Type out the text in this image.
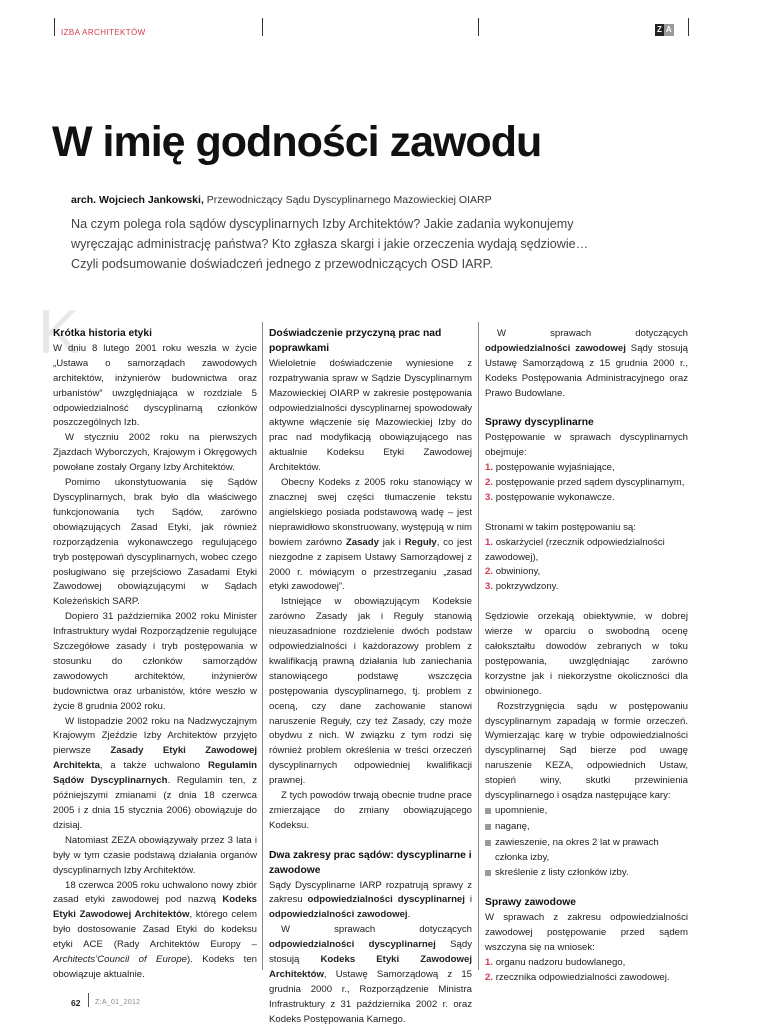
IZBA ARCHITEKTÓW	Z A
W imię godności zawodu
arch. Wojciech Jankowski, Przewodniczący Sądu Dyscyplinarnego Mazowieckiej OIARP

Na czym polega rola sądów dyscyplinarnych Izby Architektów? Jakie zadania wykonujemy

wyręczając administrację państwa? Kto zgłasza skargi i jakie orzeczenia wydają sędziowie…

Czyli podsumowanie doświadczeń jednego z przewodniczących OSD IARP.

K
Krótka historia etyki

W dniu 8 lutego 2001 roku weszła w życie „Ustawa o samorządach zawodowych architektów, inżynierów budownictwa oraz urbanistów” uwzględniająca w rozdziale 5 odpowiedzialność dyscyplinarną członków poszczególnych Izb.

W styczniu 2002 roku na pierwszych Zjazdach Wyborczych, Krajowym i Okręgowych powołane zostały Organy Izby Architektów.

Pomimo ukonstytuowania się Sądów Dyscyplinarnych, brak było dla właściwego funkcjonowania tych Sądów, zarówno obowiązujących Zasad Etyki, jak również rozporządzenia wykonawczego regulującego tryb postępowań dyscyplinarnych, wobec czego posługiwano się przejściowo Zasadami Etyki Zawodowej obowiązującymi w Sądach Koleżeńskich SARP.

Dopiero 31 października 2002 roku Minister Infrastruktury wydał Rozporządzenie regulujące Szczegółowe zasady i tryb postępowania w stosunku do członków samorządów zawodowych architektów, inżynierów budownictwa oraz urbanistów, które weszło w życie 8 grudnia 2002 roku.

W listopadzie 2002 roku na Nadzwyczajnym Krajowym Zjeździe Izby Architektów przyjęto pierwsze Zasady Etyki Zawodowej Architekta, a także uchwalono Regulamin Sądów Dyscyplinarnych. Regulamin ten, z późniejszymi zmianami (z dnia 18 czerwca 2005 i z dnia 15 stycznia 2006) obowiązuje do dzisiaj.

Natomiast ZEZA obowiązywały przez 3 lata i były w tym czasie podstawą działania organów dyscyplinarnych Izby Architektów.

18 czerwca 2005 roku uchwalono nowy zbiór zasad etyki zawodowej pod nazwą Kodeks Etyki Zawodowej Architektów, którego celem było dostosowanie Zasad Etyki do kodeksu etyki ACE (Rady Architektów Europy – Architects’Council of Europe). Kodeks ten obowiązuje aktualnie.

Doświadczenie przyczyną prac nad poprawkami

Wieloletnie doświadczenie wyniesione z rozpatrywania spraw w Sądzie Dyscyplinarnym Mazowieckiej OIARP w zakresie postępowania odpowiedzialności dyscyplinarnej spowodowały aktywne włączenie się Mazowieckiej Izby do prac nad modyfikacją obowiązującego nas aktualnie Kodeksu Etyki Zawodowej Architektów.

Obecny Kodeks z 2005 roku stanowiący w znacznej swej części tłumaczenie tekstu angielskiego posiada podstawową wadę – jest nieprawidłowo skonstruowany, występują w nim bowiem zarówno Zasady jak i Reguły, co jest niezgodne z zapisem Ustawy Samorządowej z 2000 r. mówiącym o przestrzeganiu „zasad etyki zawodowej”.

Istniejące w obowiązującym Kodeksie zarówno Zasady jak i Reguły stanowią nieuzasadnione rozdzielenie dwóch podstaw odpowiedzialności i każdorazowy problem z kwalifikacją prawną działania lub zaniechania stanowiącego podstawę wszczęcia postępowania dyscyplinarnego, tj. problem z oceną, czy dane zachowanie stanowi naruszenie Reguły, czy też Zasady, czy może obydwu z nich. W związku z tym rodzi się również problem określenia w treści orzeczeń dyscyplinarnych odpowiedniej kwalifikacji prawnej.

Z tych powodów trwają obecnie trudne prace zmierzające do zmiany obowiązującego Kodeksu.

Dwa zakresy prac sądów: dyscyplinarne i zawodowe

Sądy Dyscyplinarne IARP rozpatrują sprawy z zakresu odpowiedzialności dyscyplinarnej i odpowiedzialności zawodowej.

W sprawach dotyczących odpowiedzialności dyscyplinarnej Sądy stosują Kodeks Etyki Zawodowej Architektów, Ustawę Samorządową z 15 grudnia 2000 r., Rozporządzenie Ministra Infrastruktury z 31 października 2002 r. oraz Kodeks Postępowania Karnego.

W sprawach dotyczących odpowiedzialności zawodowej Sądy stosują Ustawę Samorządową z 15 grudnia 2000 r., Kodeks Postępowania Administracyjnego oraz Prawo Budowlane.

Sprawy dyscyplinarne

Postępowanie w sprawach dyscyplinarnych obejmuje:

1. postępowanie wyjaśniające,
2. postępowanie przed sądem dyscyplinarnym,
3. postępowanie wykonawcze.

Stronami w takim postępowaniu są:

1. oskarżyciel (rzecznik odpowiedzialności zawodowej),
2. obwiniony,
3. pokrzywdzony.

Sędziowie orzekają obiektywnie, w dobrej wierze w oparciu o swobodną ocenę całokształtu dowodów zebranych w toku postępowania, uwzględniając zarówno korzystne jak i niekorzystne okoliczności dla obwinionego.

Rozstrzygnięcia sądu w postępowaniu dyscyplinarnym zapadają w formie orzeczeń. Wymierzając karę w trybie odpowiedzialności dyscyplinarnej Sąd bierze pod uwagę naruszenie KEZA, odpowiednich Ustaw, stopień winy, skutki przewinienia dyscyplinarnego i osądza następujące kary:

upomnienie,
naganę,
zawieszenie, na okres 2 lat w prawach członka izby,
skreślenie z listy członków izby.
Sprawy zawodowe

W sprawach z zakresu odpowiedzialności zawodowej postępowanie przed sądem wszczyna się na wniosek:

1. organu nadzoru budowlanego,
2. rzecznika odpowiedzialności zawodowej.
62 Z:A_01_2012
